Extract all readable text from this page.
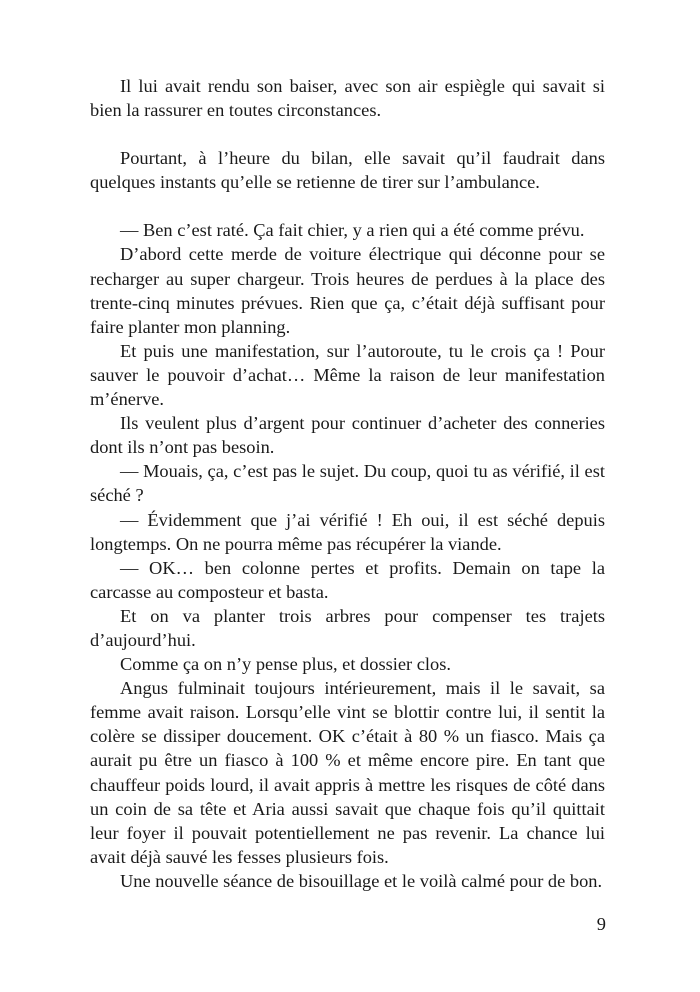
Il lui avait rendu son baiser, avec son air espiègle qui savait si bien la rassurer en toutes circonstances.

Pourtant, à l’heure du bilan, elle savait qu’il faudrait dans quelques instants qu’elle se retienne de tirer sur l’ambulance.

— Ben c’est raté. Ça fait chier, y a rien qui a été comme prévu.

D’abord cette merde de voiture électrique qui déconne pour se recharger au super chargeur. Trois heures de perdues à la place des trente-cinq minutes prévues. Rien que ça, c’était déjà suffisant pour faire planter mon planning.

Et puis une manifestation, sur l’autoroute, tu le crois ça ! Pour sauver le pouvoir d’achat… Même la raison de leur manifestation m’énerve.

Ils veulent plus d’argent pour continuer d’acheter des conneries dont ils n’ont pas besoin.

— Mouais, ça, c’est pas le sujet. Du coup, quoi tu as vérifié, il est séché ?

— Évidemment que j’ai vérifié ! Eh oui, il est séché depuis longtemps. On ne pourra même pas récupérer la viande.

— OK… ben colonne pertes et profits. Demain on tape la carcasse au composteur et basta.

Et on va planter trois arbres pour compenser tes trajets d’aujourd’hui.

Comme ça on n’y pense plus, et dossier clos.

Angus fulminait toujours intérieurement, mais il le savait, sa femme avait raison. Lorsqu’elle vint se blottir contre lui, il sentit la colère se dissiper doucement. OK c’était à 80 % un fiasco. Mais ça aurait pu être un fiasco à 100 % et même encore pire. En tant que chauffeur poids lourd, il avait appris à mettre les risques de côté dans un coin de sa tête et Aria aussi savait que chaque fois qu’il quittait leur foyer il pouvait potentiellement ne pas revenir. La chance lui avait déjà sauvé les fesses plusieurs fois.

Une nouvelle séance de bisouillage et le voilà calmé pour de bon.

9
